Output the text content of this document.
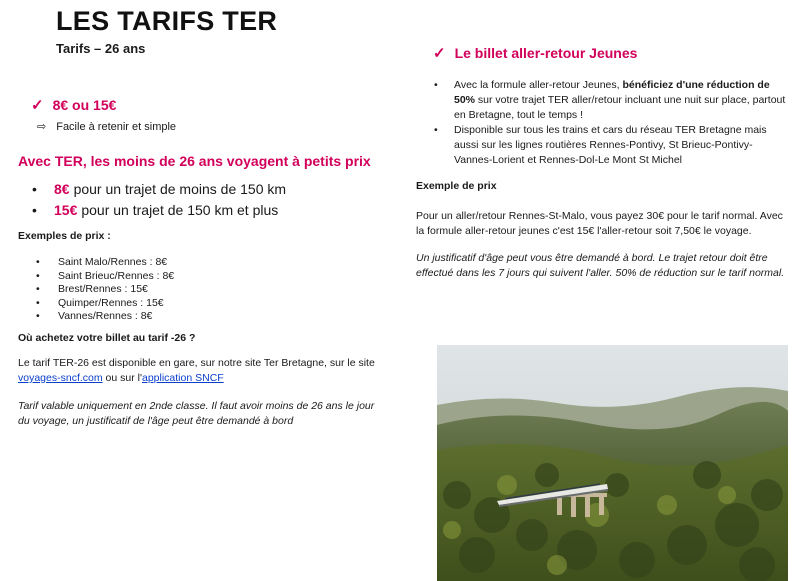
LES TARIFS TER
Tarifs – 26 ans
✓ 8€ ou 15€
⇨ Facile à retenir et simple
Avec TER, les moins de 26 ans voyagent à petits prix
•	8€ pour un trajet de moins de 150 km
•	15€ pour un trajet de 150 km et plus
Exemples de prix :
•	Saint Malo/Rennes : 8€
•	Saint Brieuc/Rennes : 8€
•	Brest/Rennes : 15€
•	Quimper/Rennes : 15€
•	Vannes/Rennes : 8€
Où achetez votre billet au tarif -26 ?
Le tarif TER-26 est disponible en gare, sur notre site Ter Bretagne, sur le site voyages-sncf.com ou sur l'application SNCF
Tarif valable uniquement en 2nde classe. Il faut avoir moins de 26 ans le jour du voyage, un justificatif de l'âge peut être demandé à bord
✓ Le billet aller-retour Jeunes
•	Avec la formule aller-retour Jeunes, bénéficiez d'une réduction de 50% sur votre trajet TER aller/retour incluant une nuit sur place, partout en Bretagne, tout le temps !
•	Disponible sur tous les trains et cars du réseau TER Bretagne mais aussi sur les lignes routières Rennes-Pontivy, St Brieuc-Pontivy-Vannes-Lorient et Rennes-Dol-Le Mont St Michel
Exemple de prix
Pour un aller/retour Rennes-St-Malo, vous payez 30€ pour le tarif normal. Avec la formule aller-retour jeunes c'est 15€ l'aller-retour soit 7,50€ le voyage.
Un justificatif d'âge peut vous être demandé à bord. Le trajet retour doit être effectué dans les 7 jours qui suivent l'aller. 50% de réduction sur le tarif normal.
